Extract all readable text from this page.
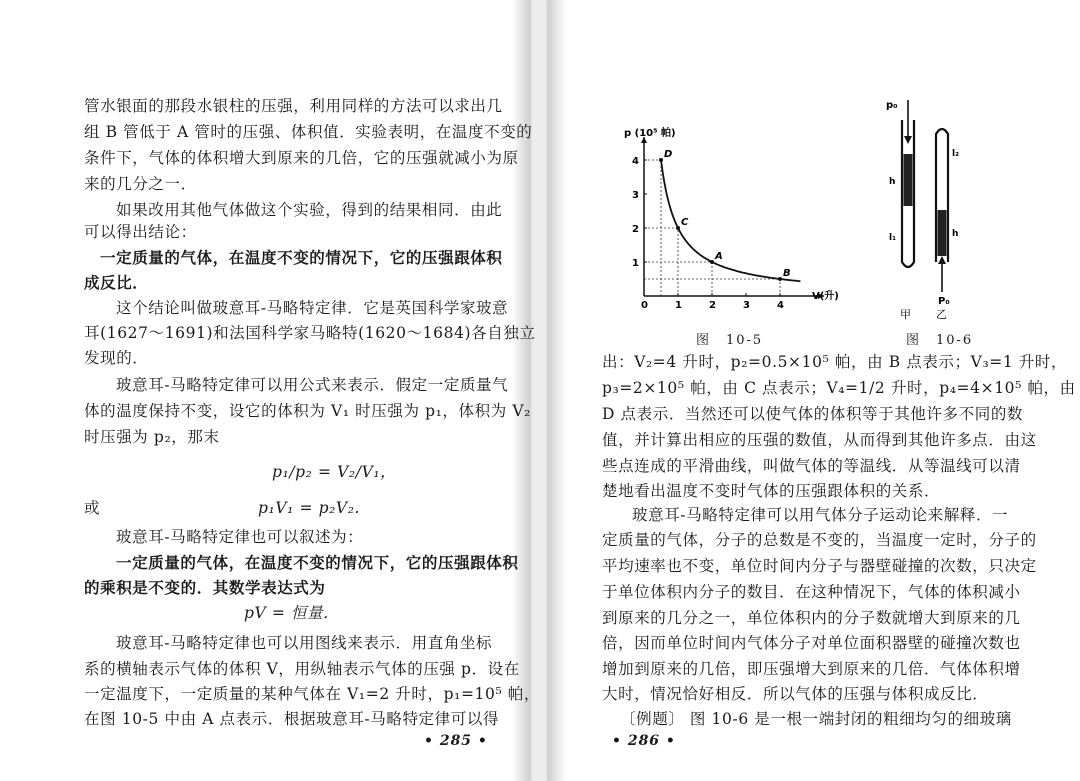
管水银面的那段水银柱的压强，利用同样的方法可以求出几
组 B 管低于 A 管时的压强、体积值．实验表明，在温度不变的
条件下，气体的体积增大到原来的几倍，它的压强就减小为原
来的几分之一．
如果改用其他气体做这个实验，得到的结果相同．由此
可以得出结论：
一定质量的气体，在温度不变的情况下，它的压强跟体积
成反比．
这个结论叫做玻意耳-马略特定律．它是英国科学家玻意
耳(1627～1691)和法国科学家马略特(1620～1684)各自独立
发现的．
玻意耳-马略特定律可以用公式来表示．假定一定质量气
体的温度保持不变，设它的体积为 V₁ 时压强为 p₁，体积为 V₂
时压强为 p₂，那末
p₁/p₂ = V₂/V₁，
或	p₁V₁ = p₂V₂.
玻意耳-马略特定律也可以叙述为：
一定质量的气体，在温度不变的情况下，它的压强跟体积
的乘积是不变的．其数学表达式为
pV = 恒量．
玻意耳-马略特定律也可以用图线来表示．用直角坐标
系的横轴表示气体的体积 V，用纵轴表示气体的压强 p．设在
一定温度下，一定质量的某种气体在 V₁=2 升时，p₁=10⁵ 帕，
在图 10-5 中由 A 点表示．根据玻意耳-马略特定律可以得
• 285 •
0	1	2	3	4
1
2
3
4
D
C
A
B
p (10⁵ 帕)
V(升)
图　10-5
p₀
h
l₁
l₂
h
P₀
甲 乙
图　10-6
出：V₂=4 升时，p₂=0.5×10⁵ 帕，由 B 点表示；V₃=1 升时，
p₃=2×10⁵ 帕，由 C 点表示；V₄=1/2 升时，p₄=4×10⁵ 帕，由
D 点表示．当然还可以使气体的体积等于其他许多不同的数
值，并计算出相应的压强的数值，从而得到其他许多点．由这
些点连成的平滑曲线，叫做气体的等温线．从等温线可以清
楚地看出温度不变时气体的压强跟体积的关系．
玻意耳-马略特定律可以用气体分子运动论来解释．一
定质量的气体，分子的总数是不变的，当温度一定时，分子的
平均速率也不变，单位时间内分子与器壁碰撞的次数，只决定
于单位体积内分子的数目．在这种情况下，气体的体积减小
到原来的几分之一，单位体积内的分子数就增大到原来的几
倍，因而单位时间内气体分子对单位面积器壁的碰撞次数也
增加到原来的几倍，即压强增大到原来的几倍．气体体积增
大时，情况恰好相反．所以气体的压强与体积成反比．
〔例题〕 图 10-6 是一根一端封闭的粗细均匀的细玻璃
• 286 •
